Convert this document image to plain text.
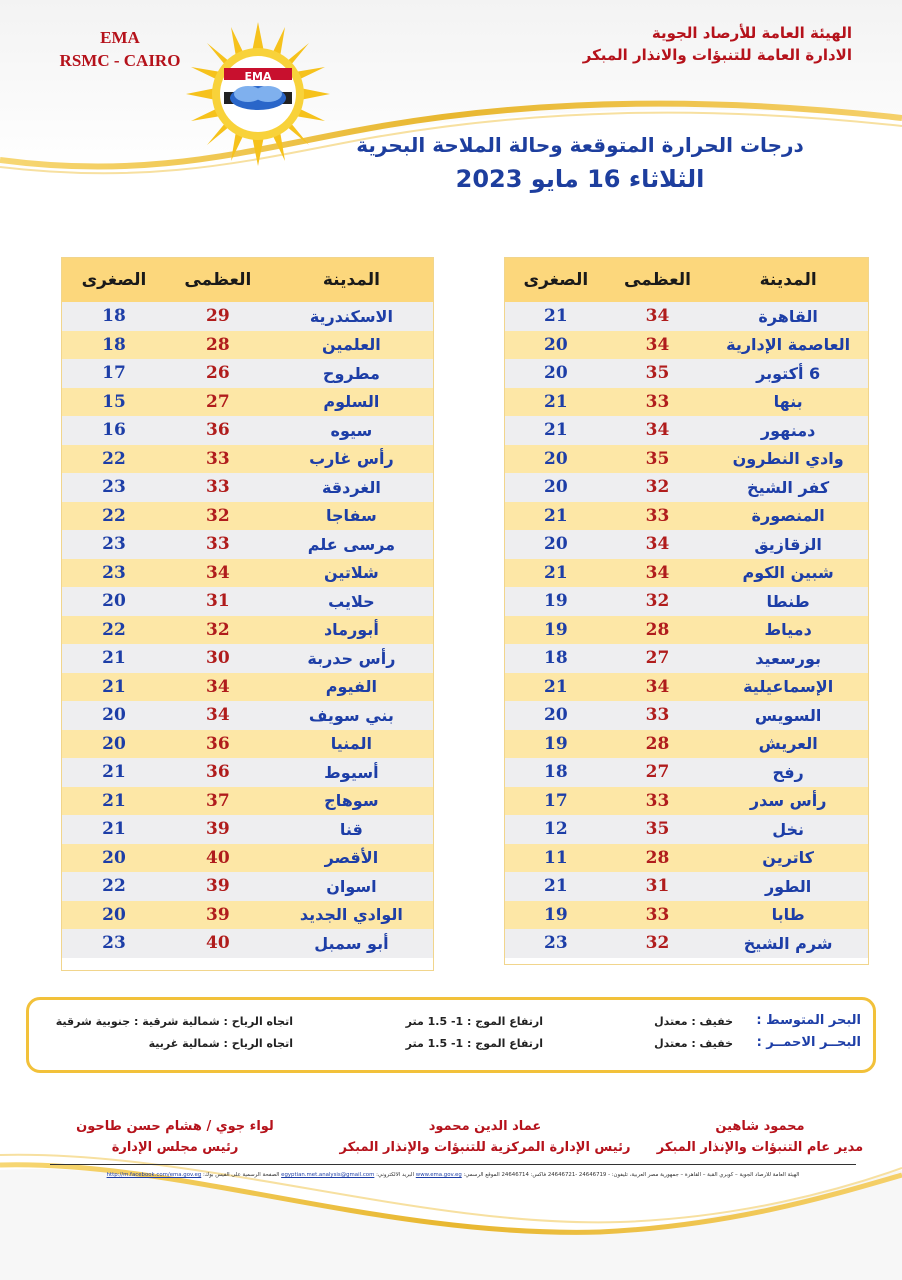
EMA
RSMC - CAIRO
EMA
الهيئة العامة للأرصاد الجوية
الادارة العامة للتنبؤات والانذار المبكر
درجات الحرارة المتوقعة وحالة الملاحة البحرية
الثلاثاء 16 مايو 2023
المدينة
العظمى
الصغرى
القاهرة
34
21
العاصمة الإدارية
34
20
6 أكتوبر
35
20
بنها
33
21
دمنهور
34
21
وادي النطرون
35
20
كفر الشيخ
32
20
المنصورة
33
21
الزقازيق
34
20
شبين الكوم
34
21
طنطا
32
19
دمياط
28
19
بورسعيد
27
18
الإسماعيلية
34
21
السويس
33
20
العريش
28
19
رفح
27
18
رأس سدر
33
17
نخل
35
12
كاترين
28
11
الطور
31
21
طابا
33
19
شرم الشيخ
32
23
المدينة
العظمى
الصغرى
الاسكندرية
29
18
العلمين
28
18
مطروح
26
17
السلوم
27
15
سيوه
36
16
رأس غارب
33
22
الغردقة
33
23
سفاجا
32
22
مرسى علم
33
23
شلاتين
34
23
حلايب
31
20
أبورماد
32
22
رأس حدربة
30
21
الفيوم
34
21
بني سويف
34
20
المنيا
36
20
أسيوط
36
21
سوهاج
37
21
قنا
39
21
الأقصر
40
20
اسوان
39
22
الوادي الجديد
39
20
أبو سمبل
40
23
البحر المتوسط :
خفيف : معتدل
ارتفاع الموج : 1- 1.5 متر
اتجاه الرياح : شمالية شرقية : جنوبية شرقية
البحــر الاحمــر :
خفيف : معتدل
ارتفاع الموج : 1- 1.5 متر
اتجاه الرياح : شمالية غربية
محمود شاهين
مدير عام التنبؤات والإنذار المبكر
عماد الدين محمود
رئيس الإدارة المركزية للتنبؤات والإنذار المبكر
لواء جوي / هشام حسن طاحون
رئيس مجلس الإدارة
الهيئة العامة للأرصاد الجوية – كوبري القبة – القاهرة – جمهورية مصر العربية، تليفون: - 24646719 -24646721 فاكس: 24646714 الموقع الرسمي: www.ema.gov.eg البريد الالكتروني: egyptian.met.analysis@gmail.com الصفحة الرسمية على الفيس بوك: http://m.facebook.com/ema.gov.eg
